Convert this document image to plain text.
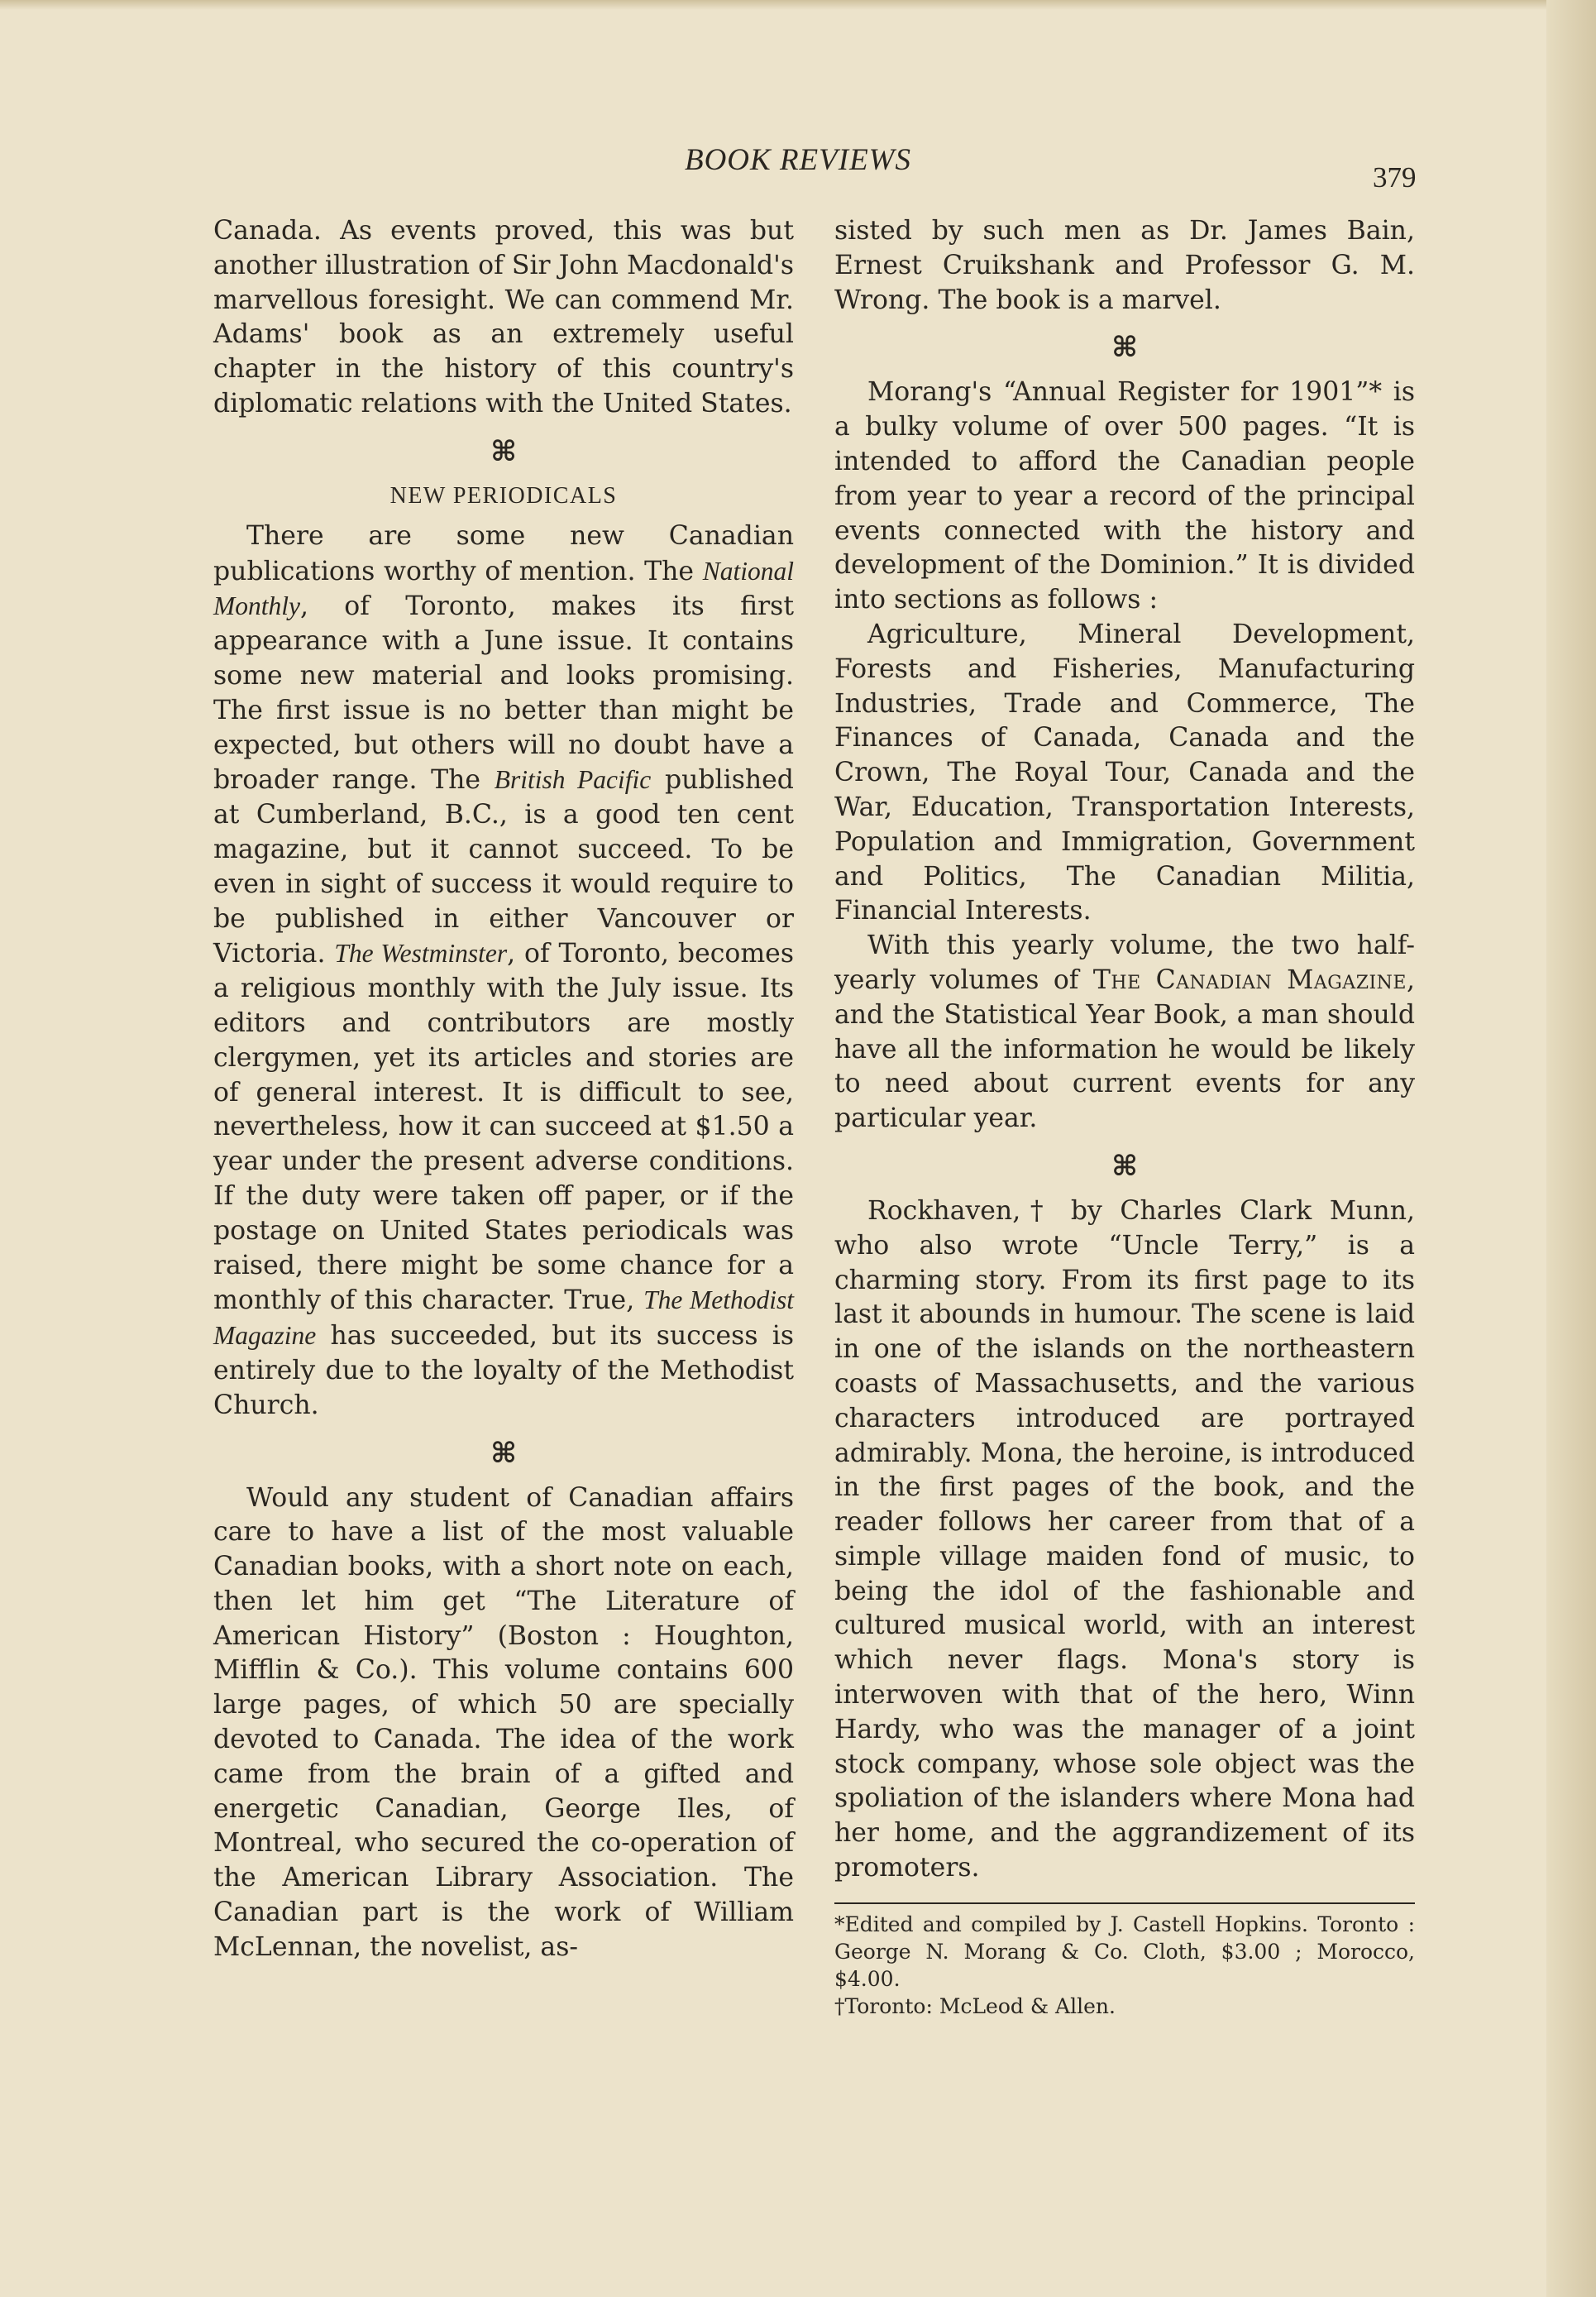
BOOK REVIEWS
379

Canada. As events proved, this was but another illustration of Sir John Macdonald's marvellous foresight. We can commend Mr. Adams' book as an extremely useful chapter in the history of this country's diplomatic relations with the United States.

⌘
NEW PERIODICALS

There are some new Canadian publications worthy of mention. The National Monthly, of Toronto, makes its first appearance with a June issue. It contains some new material and looks promising. The first issue is no better than might be expected, but others will no doubt have a broader range. The British Pacific published at Cumberland, B.C., is a good ten cent magazine, but it cannot succeed. To be even in sight of success it would require to be published in either Vancouver or Victoria. The Westminster, of Toronto, becomes a religious monthly with the July issue. Its editors and contributors are mostly clergymen, yet its articles and stories are of general interest. It is difficult to see, nevertheless, how it can succeed at $1.50 a year under the present adverse conditions. If the duty were taken off paper, or if the postage on United States periodicals was raised, there might be some chance for a monthly of this character. True, The Methodist Magazine has succeeded, but its success is entirely due to the loyalty of the Methodist Church.

⌘

Would any student of Canadian affairs care to have a list of the most valuable Canadian books, with a short note on each, then let him get “The Literature of American History” (Boston : Houghton, Mifflin & Co.). This volume contains 600 large pages, of which 50 are specially devoted to Canada. The idea of the work came from the brain of a gifted and energetic Canadian, George Iles, of Montreal, who secured the co-operation of the American Library Association. The Canadian part is the work of William McLennan, the novelist, as-

sisted by such men as Dr. James Bain, Ernest Cruikshank and Professor G. M. Wrong. The book is a marvel.

⌘

Morang's “Annual Register for 1901”* is a bulky volume of over 500 pages. “It is intended to afford the Canadian people from year to year a record of the principal events connected with the history and development of the Dominion.” It is divided into sections as follows :

Agriculture, Mineral Development, Forests and Fisheries, Manufacturing Industries, Trade and Commerce, The Finances of Canada, Canada and the Crown, The Royal Tour, Canada and the War, Education, Transportation Interests, Population and Immigration, Government and Politics, The Canadian Militia, Financial Interests.

With this yearly volume, the two half-yearly volumes of The Canadian Magazine, and the Statistical Year Book, a man should have all the information he would be likely to need about current events for any particular year.

⌘

Rockhaven,† by Charles Clark Munn, who also wrote “Uncle Terry,” is a charming story. From its first page to its last it abounds in humour. The scene is laid in one of the islands on the northeastern coasts of Massachusetts, and the various characters introduced are portrayed admirably. Mona, the heroine, is introduced in the first pages of the book, and the reader follows her career from that of a simple village maiden fond of music, to being the idol of the fashionable and cultured musical world, with an interest which never flags. Mona's story is interwoven with that of the hero, Winn Hardy, who was the manager of a joint stock company, whose sole object was the spoliation of the islanders where Mona had her home, and the aggrandizement of its promoters.

*Edited and compiled by J. Castell Hopkins. Toronto : George N. Morang & Co. Cloth, $3.00 ; Morocco, $4.00.

†Toronto: McLeod & Allen.
